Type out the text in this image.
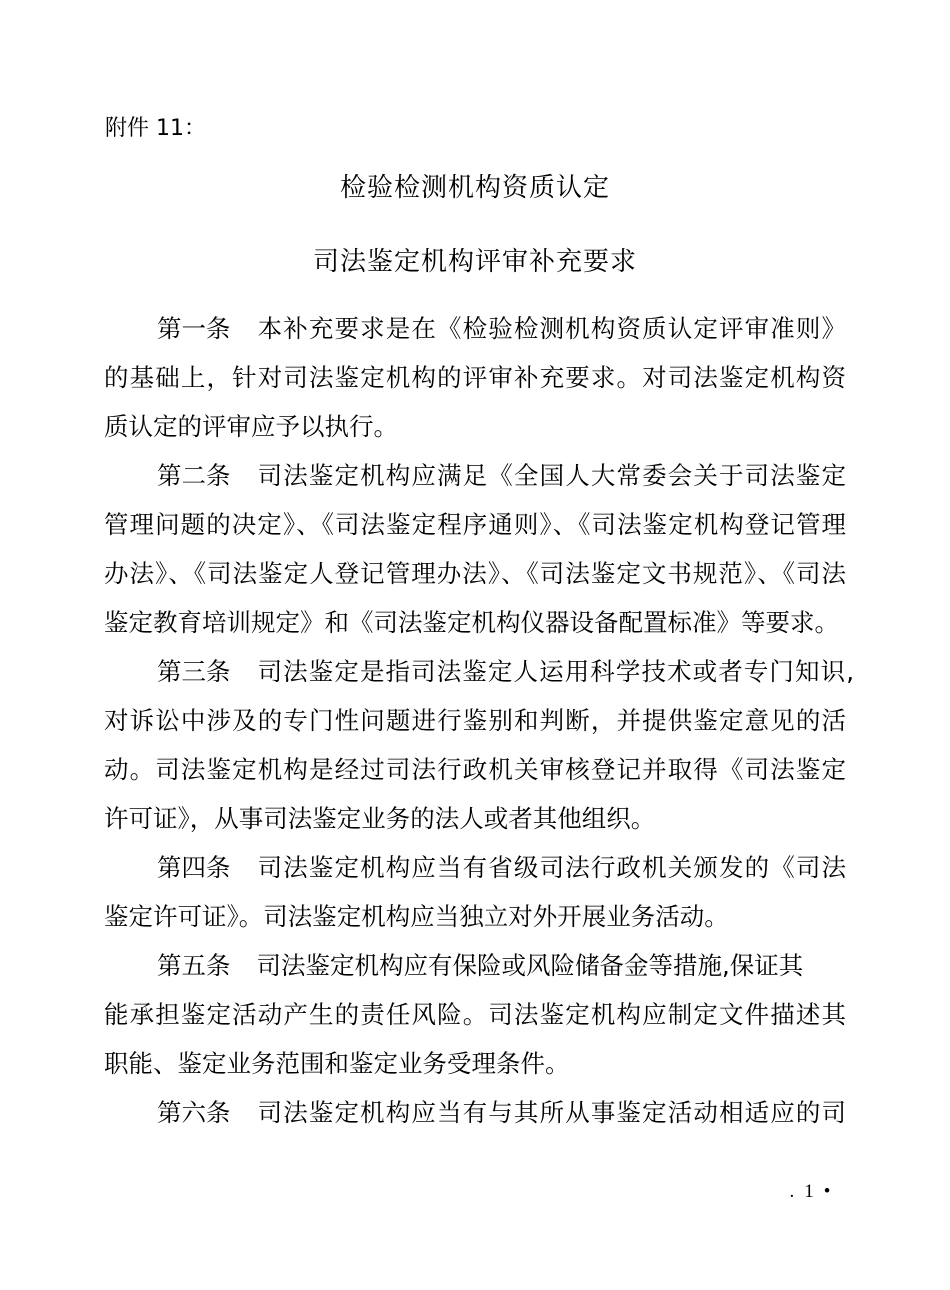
附件 11：
检验检测机构资质认定
司法鉴定机构评审补充要求
第一条 本补充要求是在《检验检测机构资质认定评审准则》
的基础上，针对司法鉴定机构的评审补充要求。对司法鉴定机构资
质认定的评审应予以执行。
第二条 司法鉴定机构应满足《全国人大常委会关于司法鉴定
管理问题的决定》、《司法鉴定程序通则》、《司法鉴定机构登记管理
办法》、《司法鉴定人登记管理办法》、《司法鉴定文书规范》、《司法
鉴定教育培训规定》和《司法鉴定机构仪器设备配置标准》等要求。
第三条 司法鉴定是指司法鉴定人运用科学技术或者专门知识,
对诉讼中涉及的专门性问题进行鉴别和判断，并提供鉴定意见的活
动。司法鉴定机构是经过司法行政机关审核登记并取得《司法鉴定
许可证》，从事司法鉴定业务的法人或者其他组织。
第四条 司法鉴定机构应当有省级司法行政机关颁发的《司法
鉴定许可证》。司法鉴定机构应当独立对外开展业务活动。
第五条 司法鉴定机构应有保险或风险储备金等措施,保证其
能承担鉴定活动产生的责任风险。司法鉴定机构应制定文件描述其
职能、鉴定业务范围和鉴定业务受理条件。
第六条 司法鉴定机构应当有与其所从事鉴定活动相适应的司
.1•
